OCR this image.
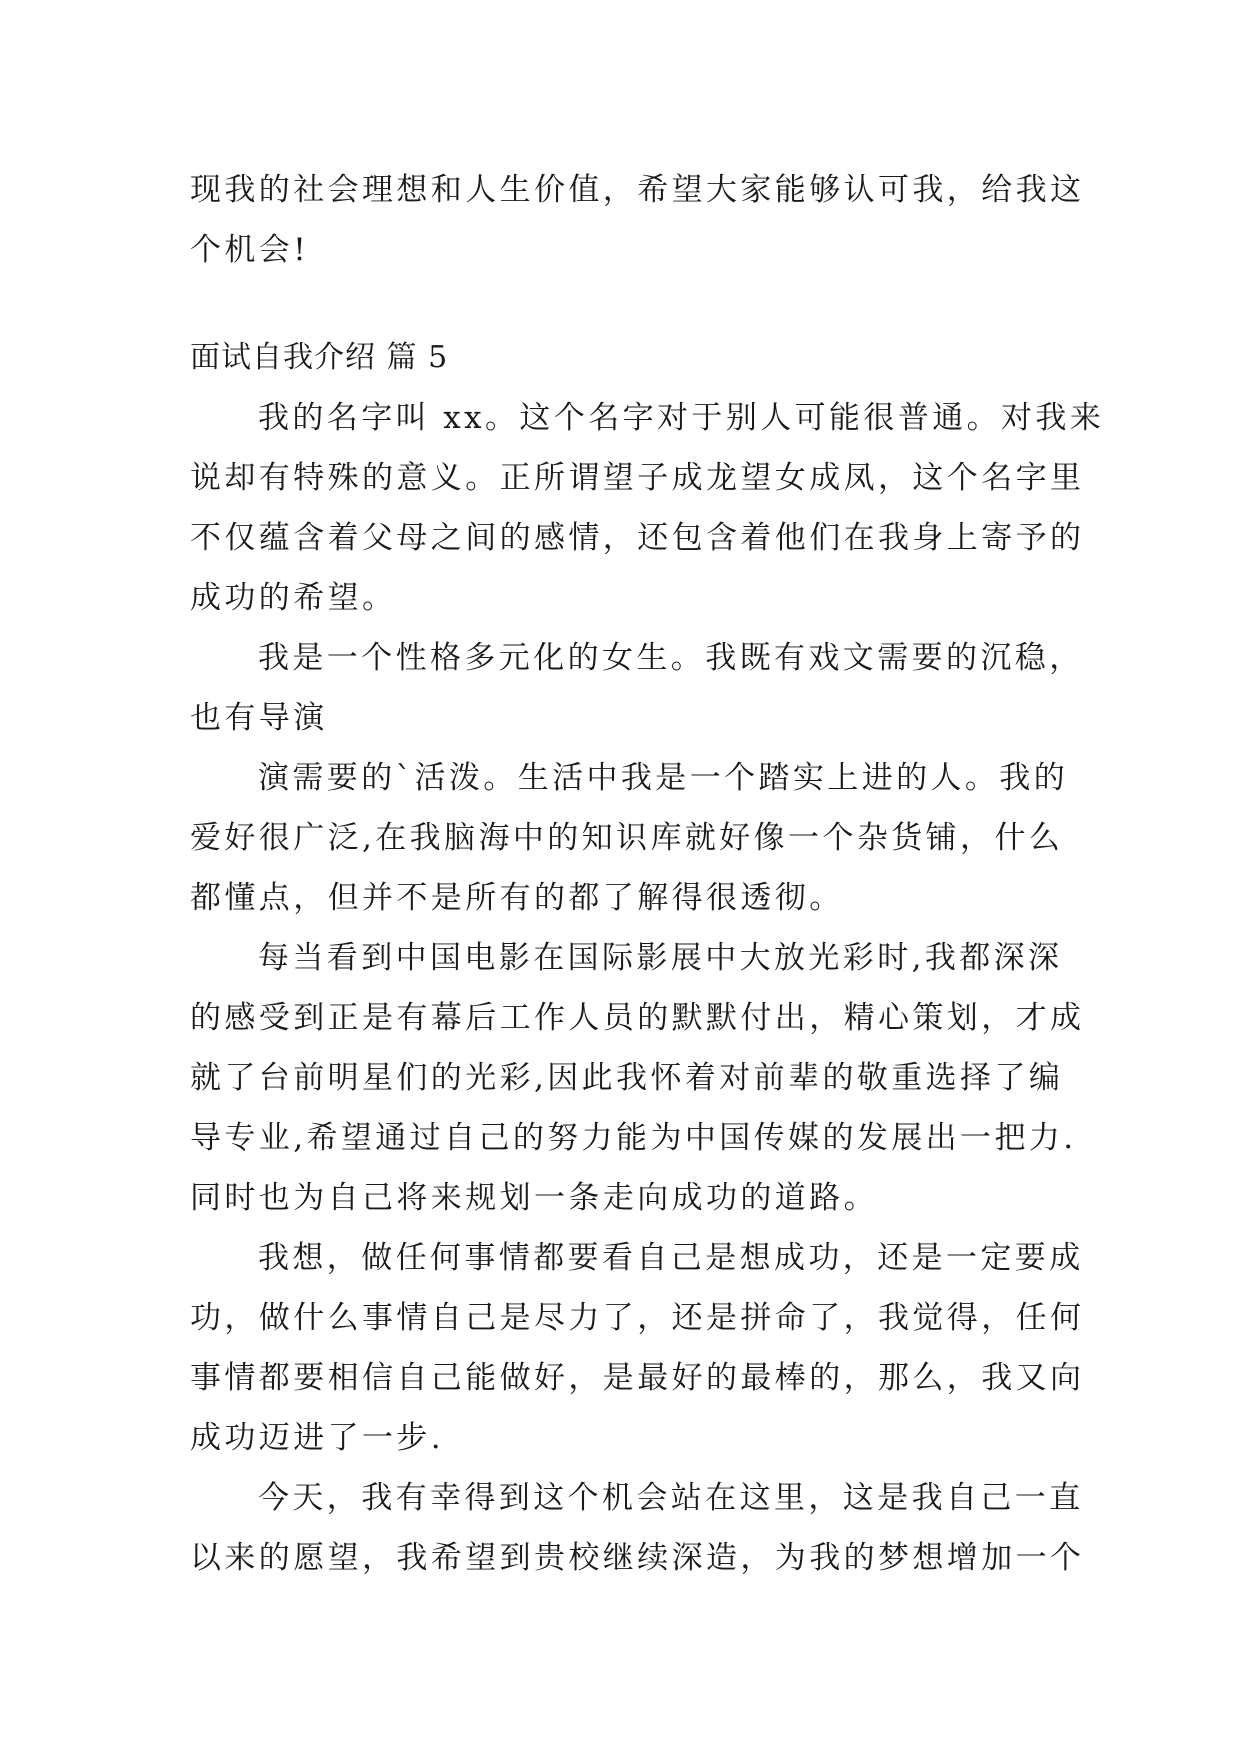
现我的社会理想和人生价值，希望大家能够认可我，给我这
个机会!
面试自我介绍 篇 5
我的名字叫 xx。这个名字对于别人可能很普通。对我来
说却有特殊的意义。正所谓望子成龙望女成凤，这个名字里
不仅蕴含着父母之间的感情，还包含着他们在我身上寄予的
成功的希望。
我是一个性格多元化的女生。我既有戏文需要的沉稳，
也有导演
演需要的`活泼。生活中我是一个踏实上进的人。我的
爱好很广泛,在我脑海中的知识库就好像一个杂货铺，什么
都懂点，但并不是所有的都了解得很透彻。
每当看到中国电影在国际影展中大放光彩时,我都深深
的感受到正是有幕后工作人员的默默付出，精心策划，才成
就了台前明星们的光彩,因此我怀着对前辈的敬重选择了编
导专业,希望通过自己的努力能为中国传媒的发展出一把力.
同时也为自己将来规划一条走向成功的道路。
我想，做任何事情都要看自己是想成功，还是一定要成
功，做什么事情自己是尽力了，还是拼命了，我觉得，任何
事情都要相信自己能做好，是最好的最棒的，那么，我又向
成功迈进了一步.
今天，我有幸得到这个机会站在这里，这是我自己一直
以来的愿望，我希望到贵校继续深造，为我的梦想增加一个
